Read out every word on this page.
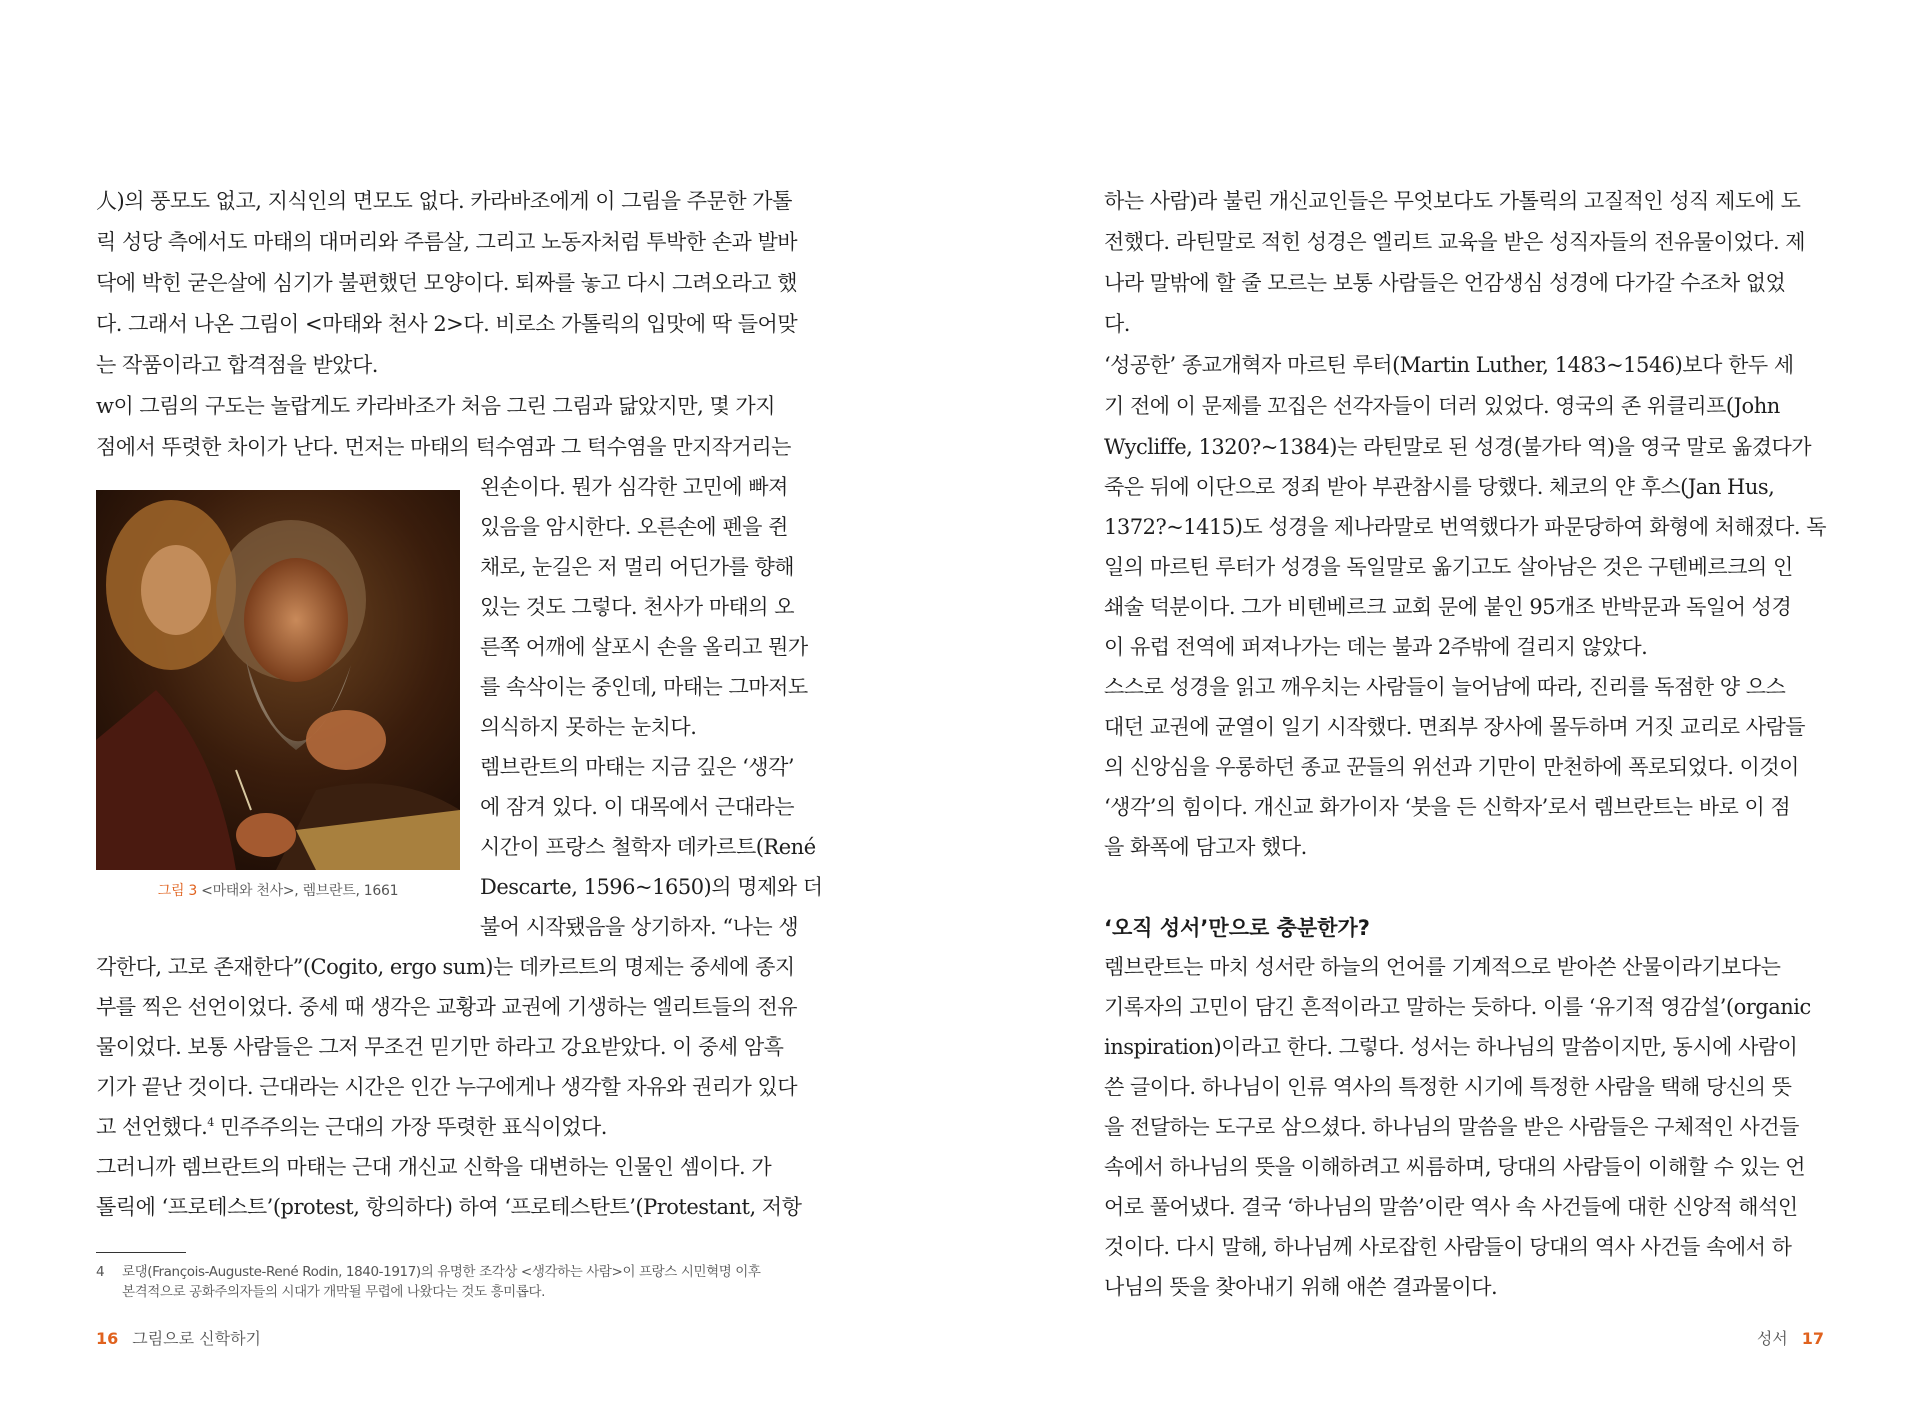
人)의 풍모도 없고, 지식인의 면모도 없다. 카라바조에게 이 그림을 주문한 가톨
릭 성당 측에서도 마태의 대머리와 주름살, 그리고 노동자처럼 투박한 손과 발바
닥에 박힌 굳은살에 심기가 불편했던 모양이다. 퇴짜를 놓고 다시 그려오라고 했
다. 그래서 나온 그림이 <마태와 천사 2>다. 비로소 가톨릭의 입맛에 딱 들어맞
는 작품이라고 합격점을 받았다.
w이 그림의 구도는 놀랍게도 카라바조가 처음 그린 그림과 닮았지만, 몇 가지
점에서 뚜렷한 차이가 난다. 먼저는 마태의 턱수염과 그 턱수염을 만지작거리는
왼손이다. 뭔가 심각한 고민에 빠져
있음을 암시한다. 오른손에 펜을 쥔
채로, 눈길은 저 멀리 어딘가를 향해
있는 것도 그렇다. 천사가 마태의 오
른쪽 어깨에 살포시 손을 올리고 뭔가
를 속삭이는 중인데, 마태는 그마저도
의식하지 못하는 눈치다.
렘브란트의 마태는 지금 깊은 ‘생각’
에 잠겨 있다. 이 대목에서 근대라는
시간이 프랑스 철학자 데카르트(René
Descarte, 1596~1650)의 명제와 더
불어 시작됐음을 상기하자. “나는 생
각한다, 고로 존재한다”(Cogito, ergo sum)는 데카르트의 명제는 중세에 종지
부를 찍은 선언이었다. 중세 때 생각은 교황과 교권에 기생하는 엘리트들의 전유
물이었다. 보통 사람들은 그저 무조건 믿기만 하라고 강요받았다. 이 중세 암흑
기가 끝난 것이다. 근대라는 시간은 인간 누구에게나 생각할 자유와 권리가 있다
고 선언했다.$^4$ 민주주의는 근대의 가장 뚜렷한 표식이었다.
그러니까 렘브란트의 마태는 근대 개신교 신학을 대변하는 인물인 셈이다. 가
톨릭에 ‘프로테스트’(protest, 항의하다) 하여 ‘프로테스탄트’(Protestant, 저항
그림 3 <마태와 천사>, 렘브란트, 1661
4 로댕(François-Auguste-René Rodin, 1840-1917)의 유명한 조각상 <생각하는 사람>이 프랑스 시민혁명 이후
본격적으로 공화주의자들의 시대가 개막될 무렵에 나왔다는 것도 흥미롭다.
16 그림으로 신학하기
하는 사람)라 불린 개신교인들은 무엇보다도 가톨릭의 고질적인 성직 제도에 도
전했다. 라틴말로 적힌 성경은 엘리트 교육을 받은 성직자들의 전유물이었다. 제
나라 말밖에 할 줄 모르는 보통 사람들은 언감생심 성경에 다가갈 수조차 없었
다.
‘성공한’ 종교개혁자 마르틴 루터(Martin Luther, 1483~1546)보다 한두 세
기 전에 이 문제를 꼬집은 선각자들이 더러 있었다. 영국의 존 위클리프(John
Wycliffe, 1320?~1384)는 라틴말로 된 성경(불가타 역)을 영국 말로 옮겼다가
죽은 뒤에 이단으로 정죄 받아 부관참시를 당했다. 체코의 얀 후스(Jan Hus,
1372?~1415)도 성경을 제나라말로 번역했다가 파문당하여 화형에 처해졌다. 독
일의 마르틴 루터가 성경을 독일말로 옮기고도 살아남은 것은 구텐베르크의 인
쇄술 덕분이다. 그가 비텐베르크 교회 문에 붙인 95개조 반박문과 독일어 성경
이 유럽 전역에 퍼져나가는 데는 불과 2주밖에 걸리지 않았다.
스스로 성경을 읽고 깨우치는 사람들이 늘어남에 따라, 진리를 독점한 양 으스
대던 교권에 균열이 일기 시작했다. 면죄부 장사에 몰두하며 거짓 교리로 사람들
의 신앙심을 우롱하던 종교 꾼들의 위선과 기만이 만천하에 폭로되었다. 이것이
‘생각’의 힘이다. 개신교 화가이자 ‘붓을 든 신학자’로서 렘브란트는 바로 이 점
을 화폭에 담고자 했다.
‘오직 성서’만으로 충분한가?
렘브란트는 마치 성서란 하늘의 언어를 기계적으로 받아쓴 산물이라기보다는
기록자의 고민이 담긴 흔적이라고 말하는 듯하다. 이를 ‘유기적 영감설’(organic
inspiration)이라고 한다. 그렇다. 성서는 하나님의 말씀이지만, 동시에 사람이
쓴 글이다. 하나님이 인류 역사의 특정한 시기에 특정한 사람을 택해 당신의 뜻
을 전달하는 도구로 삼으셨다. 하나님의 말씀을 받은 사람들은 구체적인 사건들
속에서 하나님의 뜻을 이해하려고 씨름하며, 당대의 사람들이 이해할 수 있는 언
어로 풀어냈다. 결국 ‘하나님의 말씀’이란 역사 속 사건들에 대한 신앙적 해석인
것이다. 다시 말해, 하나님께 사로잡힌 사람들이 당대의 역사 사건들 속에서 하
나님의 뜻을 찾아내기 위해 애쓴 결과물이다.
성서 17
